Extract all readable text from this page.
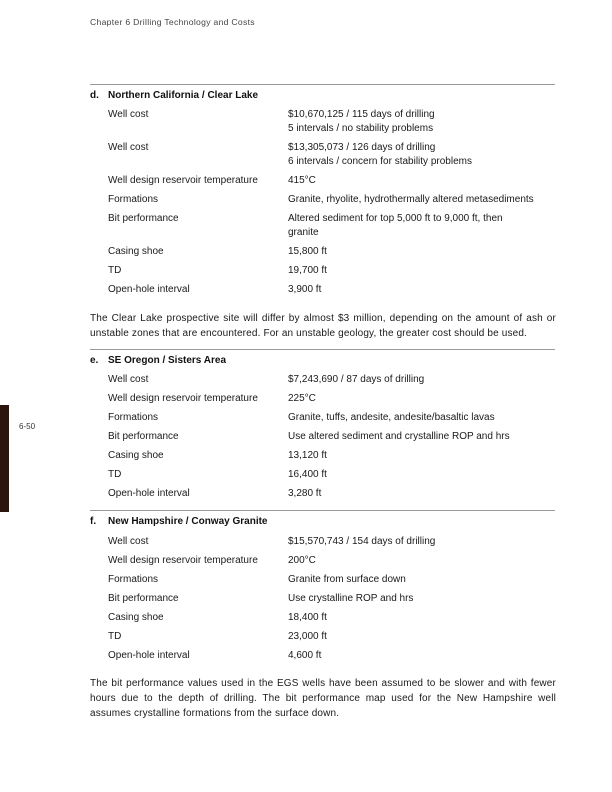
Chapter 6 Drilling Technology and Costs
6-50
d. Northern California / Clear Lake
Well cost	$10,670,125 / 115 days of drilling
5 intervals / no stability problems
Well cost	$13,305,073 / 126 days of drilling
6 intervals / concern for stability problems
Well design reservoir temperature	415°C
Formations	Granite, rhyolite, hydrothermally altered metasediments
Bit performance	Altered sediment for top 5,000 ft to 9,000 ft, then
granite
Casing shoe	15,800 ft
TD	19,700 ft
Open-hole interval	3,900 ft
The Clear Lake prospective site will differ by almost $3 million, depending on the amount of ash or unstable zones that are encountered. For an unstable geology, the greater cost should be used.
e. SE Oregon / Sisters Area
Well cost	$7,243,690 / 87 days of drilling
Well design reservoir temperature	225°C
Formations	Granite, tuffs, andesite, andesite/basaltic lavas
Bit performance	Use altered sediment and crystalline ROP and hrs
Casing shoe	13,120 ft
TD	16,400 ft
Open-hole interval	3,280 ft
f. New Hampshire / Conway Granite
Well cost	$15,570,743 / 154 days of drilling
Well design reservoir temperature	200°C
Formations	Granite from surface down
Bit performance	Use crystalline ROP and hrs
Casing shoe	18,400 ft
TD	23,000 ft
Open-hole interval	4,600 ft
The bit performance values used in the EGS wells have been assumed to be slower and with fewer hours due to the depth of drilling. The bit performance map used for the New Hampshire well assumes crystalline formations from the surface down.
